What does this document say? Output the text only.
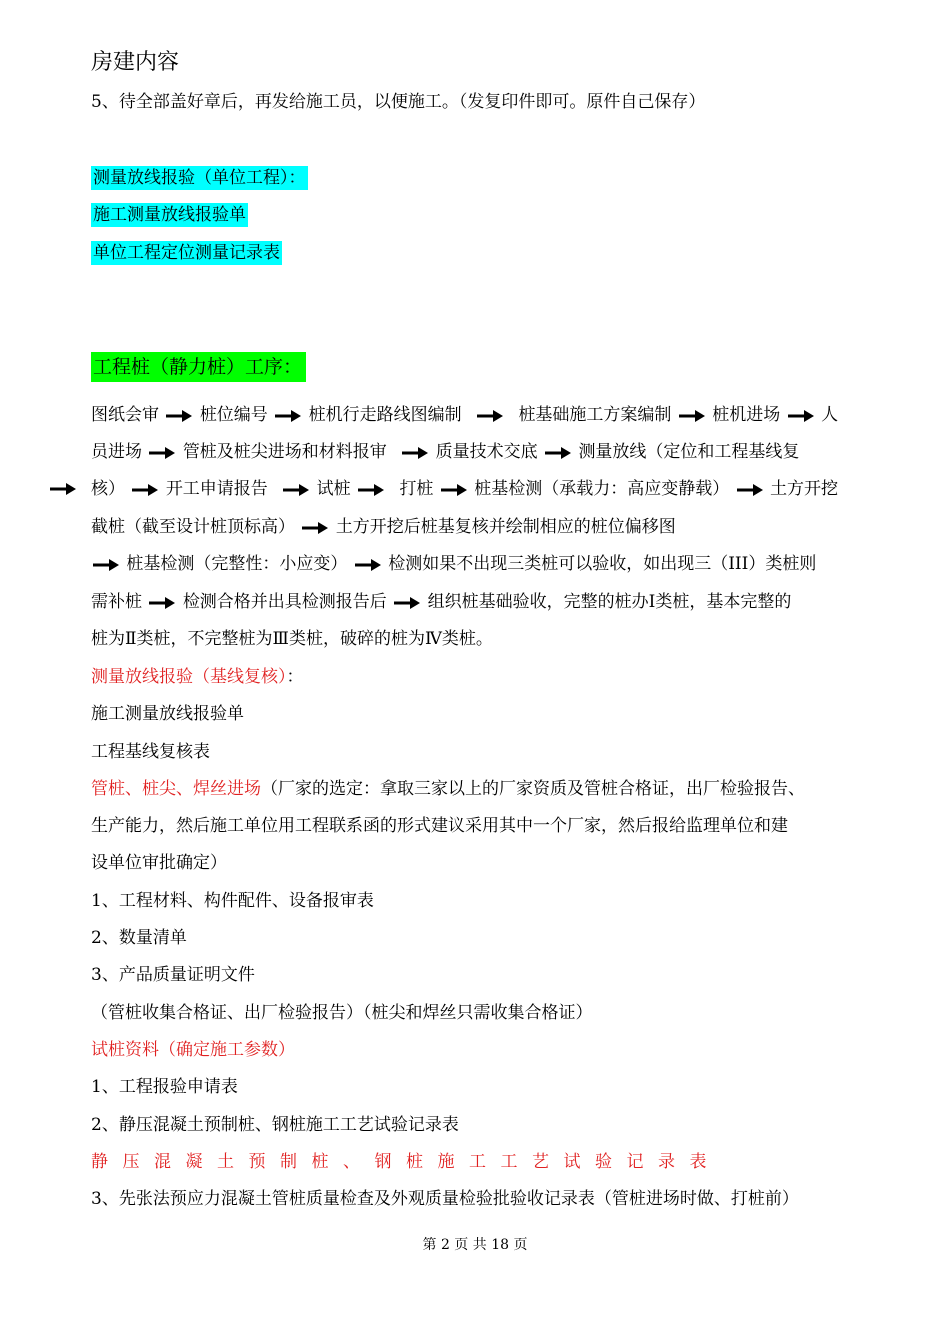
房建内容
5、待全部盖好章后，再发给施工员，以便施工。（发复印件即可。原件自己保存）
测量放线报验（单位工程）：
施工测量放线报验单
单位工程定位测量记录表
工程桩（静力桩）工序：
图纸会审 桩位编号 桩机行走路线图编制	桩基础施工方案编制 桩机进场 人
员进场 管桩及桩尖进场和材料报审	质量技术交底 测量放线（定位和工程基线复
核） 开工申请报告	试桩	打桩 桩基检测（承载力：高应变静载） 土方开挖
截桩（截至设计桩顶标高） 土方开挖后桩基复核并绘制相应的桩位偏移图
桩基检测（完整性：小应变） 检测如果不出现三类桩可以验收，如出现三（III）类桩则
需补桩 检测合格并出具检测报告后 组织桩基础验收，完整的桩办Ⅰ类桩，基本完整的
桩为Ⅱ类桩，不完整桩为Ⅲ类桩，破碎的桩为Ⅳ类桩。
测量放线报验（基线复核）：
施工测量放线报验单
工程基线复核表
管桩、桩尖、焊丝进场（厂家的选定：拿取三家以上的厂家资质及管桩合格证，出厂检验报告、
生产能力，然后施工单位用工程联系函的形式建议采用其中一个厂家，然后报给监理单位和建
设单位审批确定）
1、工程材料、构件配件、设备报审表
2、数量清单
3、产品质量证明文件
（管桩收集合格证、出厂检验报告）（桩尖和焊丝只需收集合格证）
试桩资料（确定施工参数）
1、工程报验申请表
2、静压混凝土预制桩、钢桩施工工艺试验记录表
静压混凝土预制桩、钢桩施工工艺试验记录表
3、先张法预应力混凝土管桩质量检查及外观质量检验批验收记录表（管桩进场时做、打桩前）
第 2 页 共 18 页
